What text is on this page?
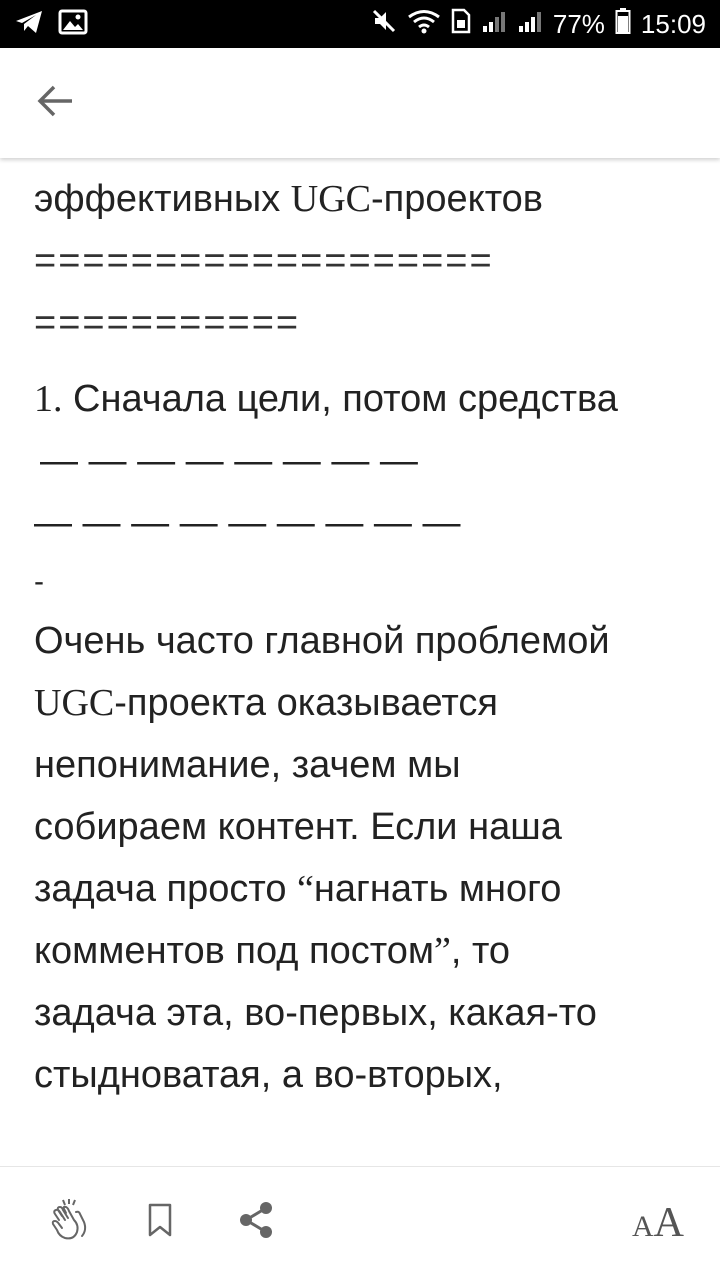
77% 15:09

эффективных UGC-проектов

===================

===========

1. Сначала цели, потом средства

— — — — — — — —

— — — — — — — — —

-

Очень часто главной проблемой

UGC-проекта оказывается

непонимание, зачем мы

собираем контент. Если наша

задача просто “нагнать много

комментов под постом”, то

задача эта, во-первых, какая-то

стыдноватая, а во-вторых,

AA
